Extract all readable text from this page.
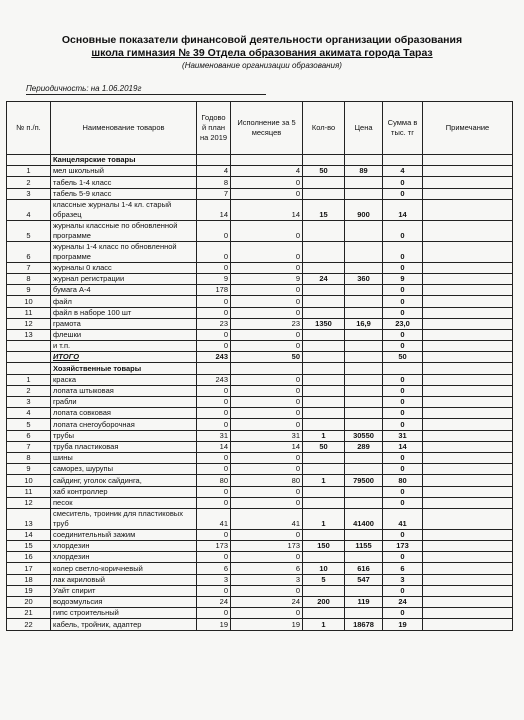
Основные показатели финансовой деятельности организации образования
школа гимназия № 39 Отдела образования акимата города Тараз
(Наименование организации образования)
Периодичность: на 1.06.2019г
№ п./п.	Наименование товаров	Годово й план на 2019	Исполнение за 5 месяцев	Кол-во	Цена	Сумма в тыс. тг	Примечание
	Канцелярские товары						
1	мел школьный	4	4	50	89	4	
2	табель 1-4 класс	8	0			0	
3	табель 5-9 класс	7	0			0	
4	классные журналы 1-4 кл. старый образец	14	14	15	900	14	
5	журналы классные по обновленной программе	0	0			0	
6	журналы 1-4 класс по обновленной программе	0	0			0	
7	журналы 0 класс	0	0			0	
8	журнал регистрации	9	9	24	360	9	
9	бумага А-4	178	0			0	
10	файл	0	0			0	
11	файл в наборе 100 шт	0	0			0	
12	грамота	23	23	1350	16,9	23,0	
13	флешки	0	0			0	
	и т.п.	0	0			0	
	ИТОГО	243	50			50	
	Хозяйственные товары						
1	краска	243	0			0	
2	лопата штыковая	0	0			0	
3	грабли	0	0			0	
4	лопата совковая	0	0			0	
5	лопата снегоуборочная	0	0			0	
6	трубы	31	31	1	30550	31	
7	труба пластиковая	14	14	50	289	14	
8	шины	0	0			0	
9	саморез, шурупы	0	0			0	
10	сайдинг, уголок сайдинга,	80	80	1	79500	80	
11	хаб контроллер	0	0			0	
12	песок	0	0			0	
13	смеситель, троиник для пластиковых труб	41	41	1	41400	41	
14	соединительный зажим	0	0			0	
15	хлордезин	173	173	150	1155	173	
16	хлордезин	0	0			0	
17	колер светло-коричневый	6	6	10	616	6	
18	лак акриловый	3	3	5	547	3	
19	Уайт спирит	0	0			0	
20	водоэмульсия	24	24	200	119	24	
21	гипс строительный	0	0			0	
22	кабель, тройник, адаптер	19	19	1	18678	19	
